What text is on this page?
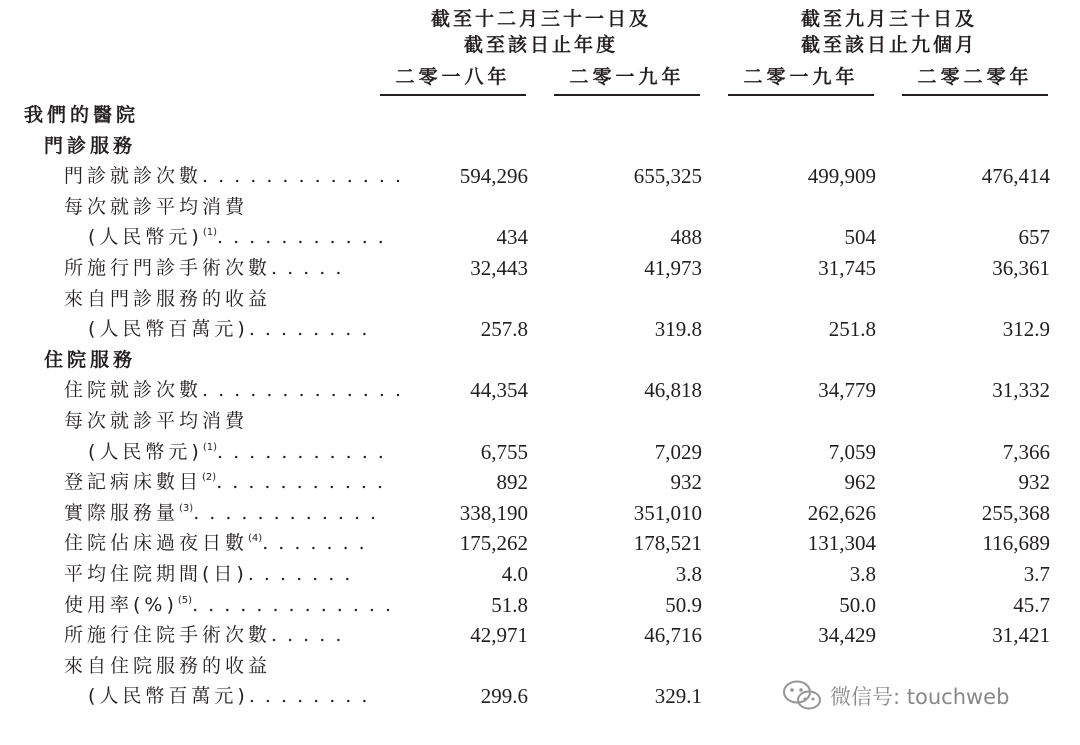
截至十二月三十一日及
截至該日止年度
截至九月三十日及
截至該日止九個月
二零一八年	二零一九年	二零一九年	二零二零年
我們的醫院
門診服務
門診就診次數. . . . . . . . . . . . .	594,296	655,325	499,909	476,414
每次就診平均消費
(人民幣元)$^{(1)}$. . . . . . . . . . .	434	488	504	657
所施行門診手術次數. . . . .	32,443	41,973	31,745	36,361
來自門診服務的收益
(人民幣百萬元). . . . . . . .	257.8	319.8	251.8	312.9
住院服務
住院就診次數. . . . . . . . . . . . .	44,354	46,818	34,779	31,332
每次就診平均消費
(人民幣元)$^{(1)}$. . . . . . . . . . .	6,755	7,029	7,059	7,366
登記病床數目$^{(2)}$. . . . . . . . . . .	892	932	962	932
實際服務量$^{(3)}$. . . . . . . . . . . .	338,190	351,010	262,626	255,368
住院佔床過夜日數$^{(4)}$. . . . . . .	175,262	178,521	131,304	116,689
平均住院期間(日). . . . . . .	4.0	3.8	3.8	3.7
使用率(%)$^{(5)}$. . . . . . . . . . . . .	51.8	50.9	50.0	45.7
所施行住院手術次數. . . . .	42,971	46,716	34,429	31,421
來自住院服務的收益
(人民幣百萬元). . . . . . . .	299.6	329.1	微信号: touchweb
